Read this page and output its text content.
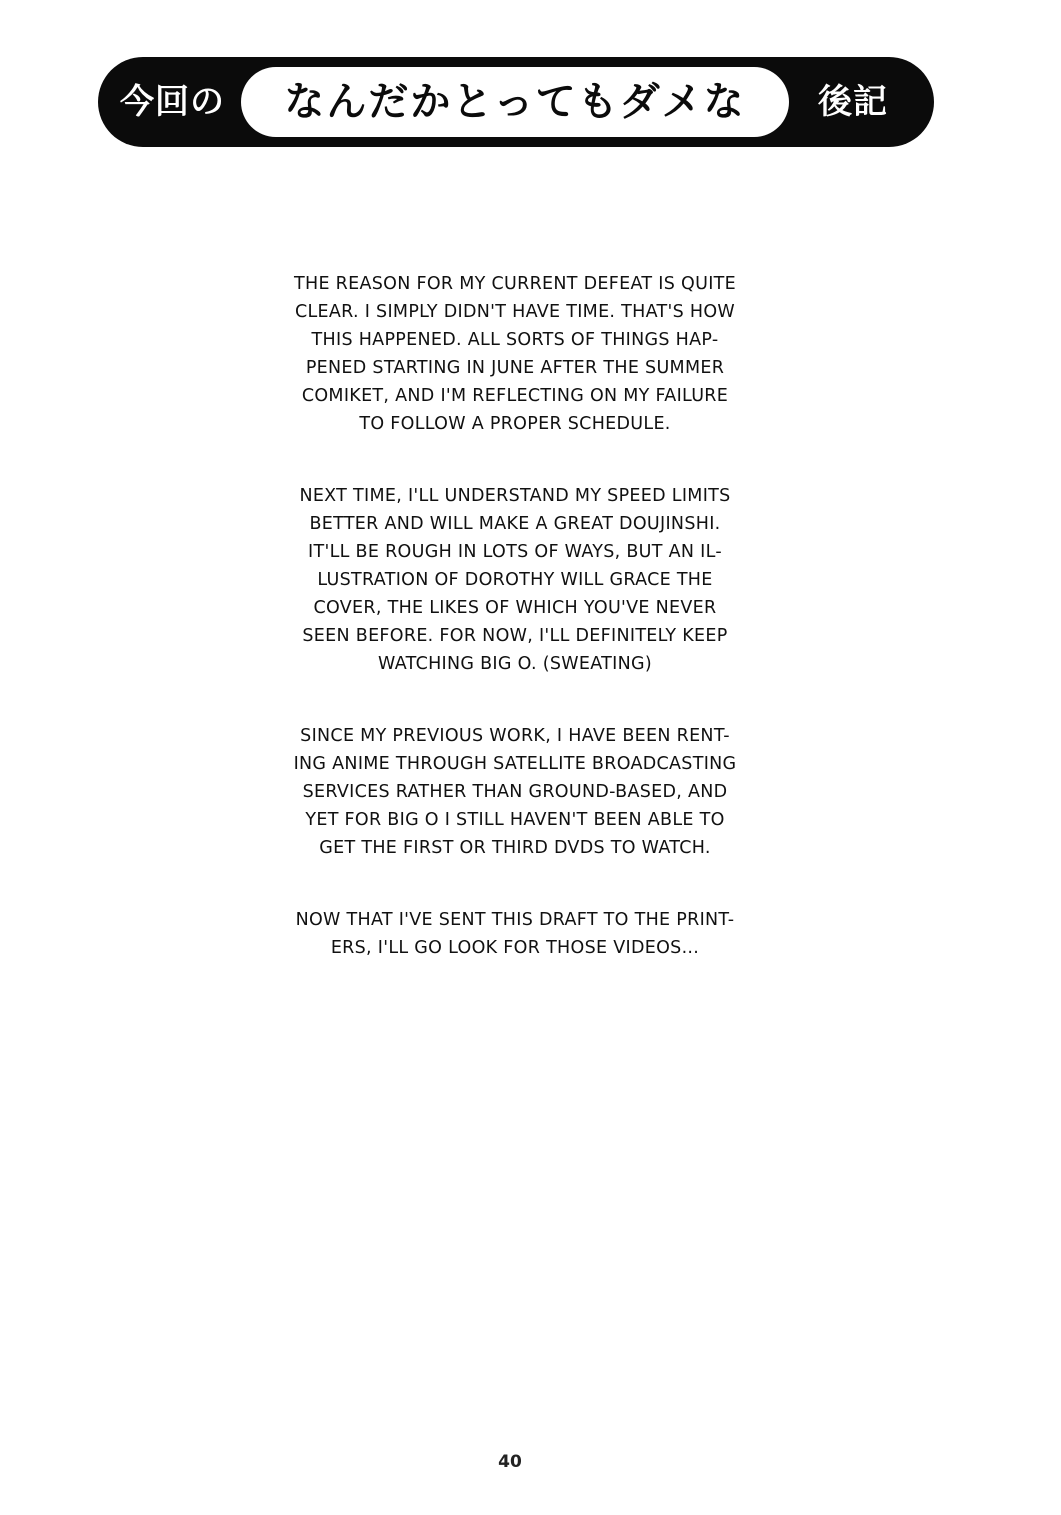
今回の	なんだかとってもダメな	後記

THE REASON FOR MY CURRENT DEFEAT IS QUITE
CLEAR. I SIMPLY DIDN'T HAVE TIME. THAT'S HOW
THIS HAPPENED. ALL SORTS OF THINGS HAP-
PENED STARTING IN JUNE AFTER THE SUMMER
COMIKET, AND I'M REFLECTING ON MY FAILURE
TO FOLLOW A PROPER SCHEDULE.

NEXT TIME, I'LL UNDERSTAND MY SPEED LIMITS
BETTER AND WILL MAKE A GREAT DOUJINSHI.
IT'LL BE ROUGH IN LOTS OF WAYS, BUT AN IL-
LUSTRATION OF DOROTHY WILL GRACE THE
COVER, THE LIKES OF WHICH YOU'VE NEVER
SEEN BEFORE. FOR NOW, I'LL DEFINITELY KEEP
WATCHING BIG O. (SWEATING)

SINCE MY PREVIOUS WORK, I HAVE BEEN RENT-
ING ANIME THROUGH SATELLITE BROADCASTING
SERVICES RATHER THAN GROUND-BASED, AND
YET FOR BIG O I STILL HAVEN'T BEEN ABLE TO
GET THE FIRST OR THIRD DVDS TO WATCH.

NOW THAT I'VE SENT THIS DRAFT TO THE PRINT-
ERS, I'LL GO LOOK FOR THOSE VIDEOS...

40
